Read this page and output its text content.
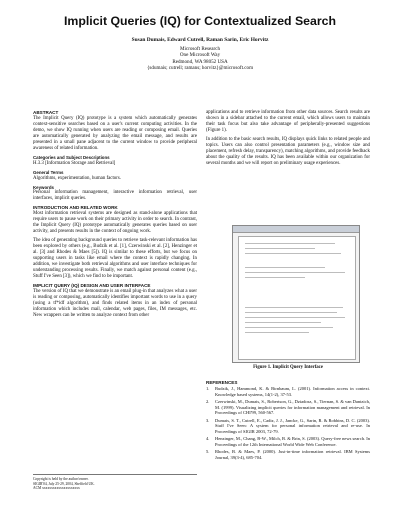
Implicit Queries (IQ) for Contextualized Search
Susan Dumais, Edward Cutrell, Raman Sarin, Eric Horvitz
Microsoft Research
One Microsoft Way
Redmond, WA 98052 USA
{sdumais; cutrell; ramans; horvitz}@microsoft.com

ABSTRACT

The Implicit Query (IQ) prototype is a system which automatically generates context-sensitive searches based on a user's current computing activities. In the demo, we show IQ running when users are reading or composing email. Queries are automatically generated by analyzing the email message, and results are presented in a small pane adjacent to the current window to provide peripheral awareness of related information.

Categories and Subject Descriptions

H.3.3 [Information Storage and Retrieval]

General Terms

Algorithms, experimentation, human factors.

Keywords

Personal information management, interactive information retrieval, user interfaces, implicit queries.

INTRODUCTION AND RELATED WORK

Most information retrieval systems are designed as stand-alone applications that require users to pause work on their primary activity in order to search. In contrast, the Implicit Query (IQ) prototype automatically generates queries based on user activity, and presents results in the context of ongoing work.

The idea of generating background queries to retrieve task-relevant information has been explored by others (e.g., Budzik et al. [1], Czerwinski et al. [2], Henzinger et al. [3] and Rhodes & Maes [5]). IQ is similar to these efforts, but we focus on supporting users in tasks like email where the context is rapidly changing. In addition, we investigate both retrieval algorithms and user interface techniques for understanding processing results. Finally, we match against personal content (e.g., Stuff I've Seen [3]), which we find to be important.

IMPLICIT QUERY (IQ) DESIGN AND USER INTERFACE

The version of IQ that we demonstrate is an email plug-in that analyzes what a user is reading or composing, automatically identifies important words to use in a query (using a tf*idf algorithm), and finds related items in an index of personal information which includes mail, calendar, web pages, files, IM messages, etc. New wrappers can be written to analyze context from other

Copyright is held by the author/owner.
SIGIR'04, July 25-29, 2004, Sheffield UK.
ACM xxxxxxxxxxxxxxxxxxxxx

applications and to retrieve information from other data sources. Search results are shown in a sidebar attached to the current email, which allows users to maintain their task focus but also take advantage of peripherally-presented suggestions (Figure 1).

In addition to the basic search results, IQ displays quick links to related people and topics. Users can also control presentation parameters (e.g., window size and placement, refresh delay, transparency), matching algorithms, and provide feedback about the quality of the results. IQ has been available within our organization for several months and we will report on preliminary usage experiences.

Figure 1. Implicit Query Interface

REFERENCES

1. Budzik, J., Hammond, K. & Birnbaum, L. (2001). Information access in context. Knowledge based systems, 14(1-2), 37-53.

2. Czerwinski, M., Dumais, S., Robertson, G., Dziadosz, S., Tiernan, S. & van Dantzich, M. (1999). Visualizing implicit queries for information management and retrieval. In Proceedings of CHI'99, 560-567.

3. Dumais, S. T., Cutrell, E., Cadiz, J. J., Jancke, G., Sarin, R. & Robbins, D. C. (2003). Stuff I've Seen: A system for personal information retrieval and re-use. In Proceedings of SIGIR 2003, 72-79.

4. Henzinger, M., Chang, B-W., Milch, B. & Brin, S. (2003). Query-free news search. In Proceedings of the 12th International World Wide Web Conference.

5. Rhodes, B. & Maes, P. (2000). Just-in-time information retrieval. IBM Systems Journal, 39(3-4), 685-704.
